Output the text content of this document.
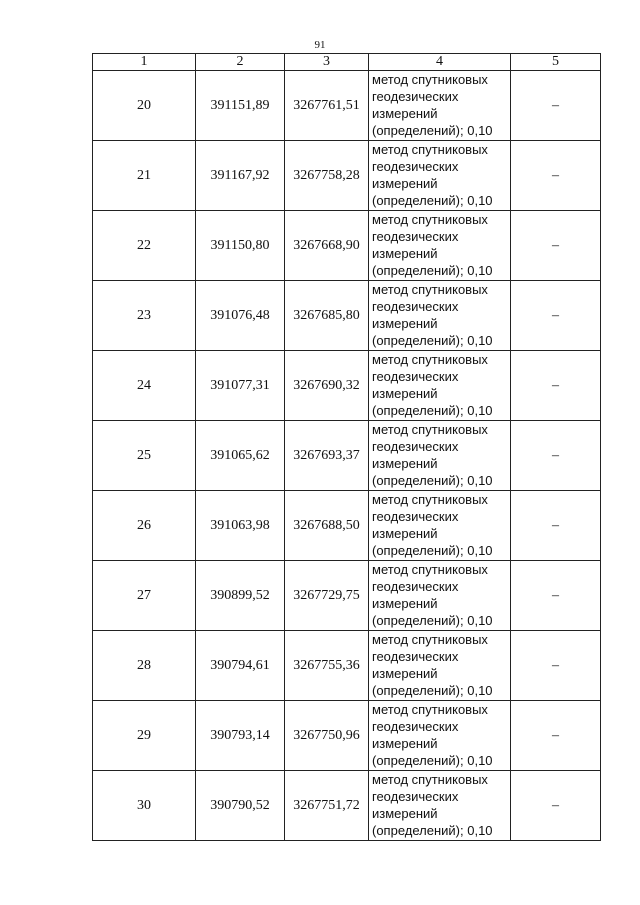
91
1	2	3	4	5
20	391151,89	3267761,51	метод спутниковых
геодезических
измерений
(определений); 0,10	–
21	391167,92	3267758,28	метод спутниковых
геодезических
измерений
(определений); 0,10	–
22	391150,80	3267668,90	метод спутниковых
геодезических
измерений
(определений); 0,10	–
23	391076,48	3267685,80	метод спутниковых
геодезических
измерений
(определений); 0,10	–
24	391077,31	3267690,32	метод спутниковых
геодезических
измерений
(определений); 0,10	–
25	391065,62	3267693,37	метод спутниковых
геодезических
измерений
(определений); 0,10	–
26	391063,98	3267688,50	метод спутниковых
геодезических
измерений
(определений); 0,10	–
27	390899,52	3267729,75	метод спутниковых
геодезических
измерений
(определений); 0,10	–
28	390794,61	3267755,36	метод спутниковых
геодезических
измерений
(определений); 0,10	–
29	390793,14	3267750,96	метод спутниковых
геодезических
измерений
(определений); 0,10	–
30	390790,52	3267751,72	метод спутниковых
геодезических
измерений
(определений); 0,10	–
